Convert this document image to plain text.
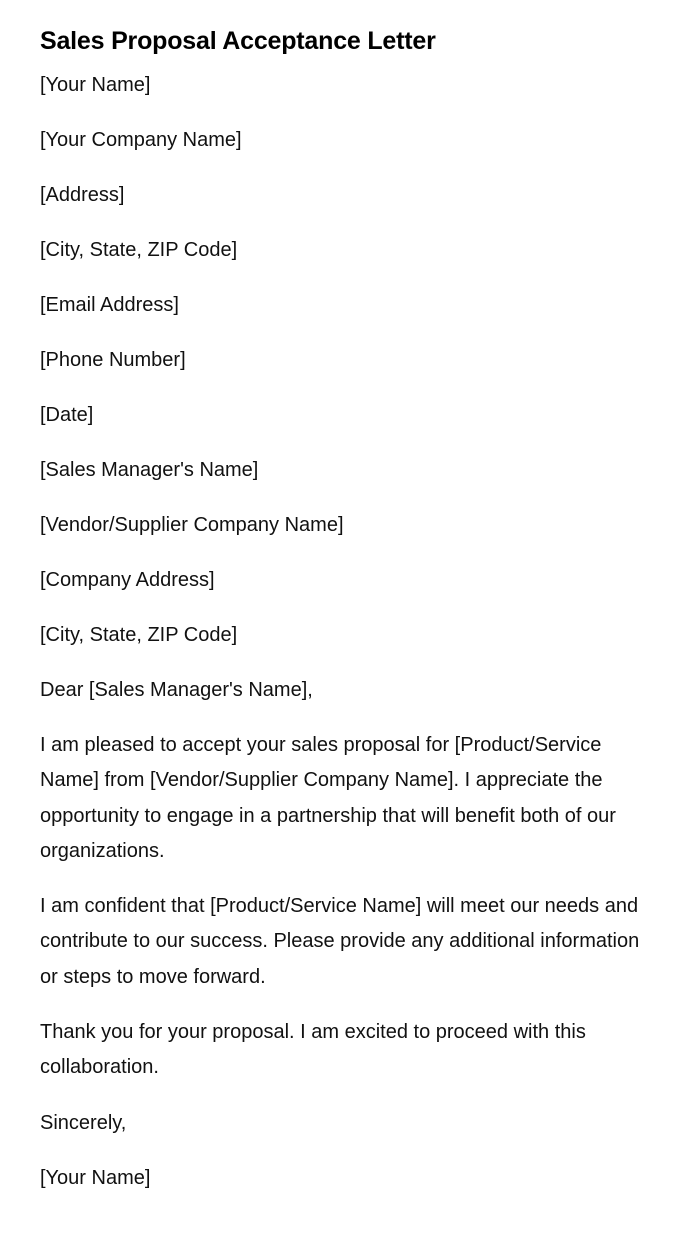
Sales Proposal Acceptance Letter
[Your Name]
[Your Company Name]
[Address]
[City, State, ZIP Code]
[Email Address]
[Phone Number]
[Date]
[Sales Manager's Name]
[Vendor/Supplier Company Name]
[Company Address]
[City, State, ZIP Code]
Dear [Sales Manager's Name],

I am pleased to accept your sales proposal for [Product/Service Name] from [Vendor/Supplier Company Name]. I appreciate the opportunity to engage in a partnership that will benefit both of our organizations.

I am confident that [Product/Service Name] will meet our needs and contribute to our success. Please provide any additional information or steps to move forward.

Thank you for your proposal. I am excited to proceed with this collaboration.

Sincerely,
[Your Name]
